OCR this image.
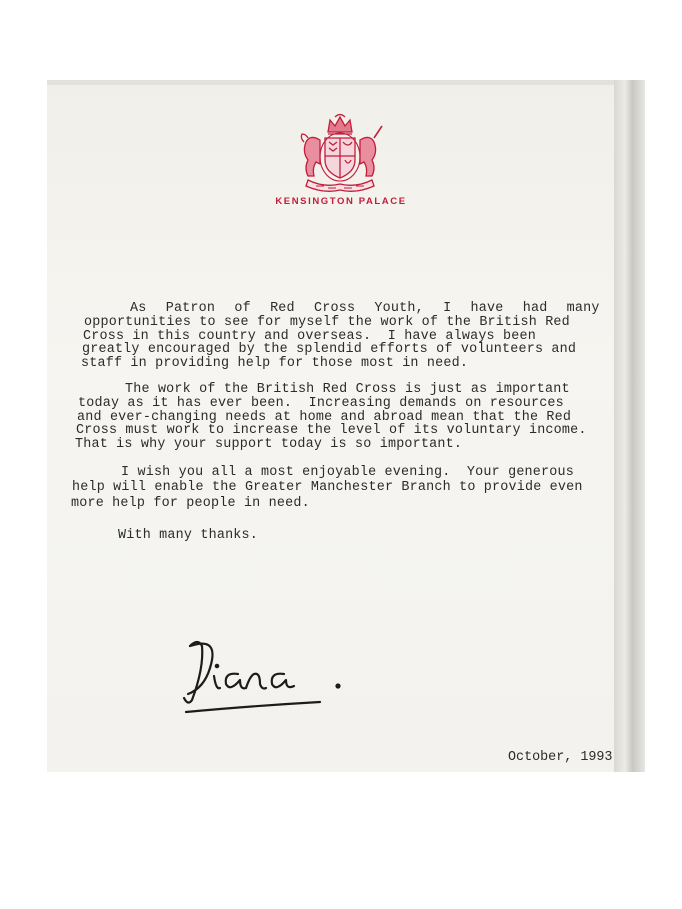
KENSINGTON PALACE
As Patron of Red Cross Youth, I have had many
opportunities to see for myself the work of the British Red
Cross in this country and overseas.  I have always been
greatly encouraged by the splendid efforts of volunteers and
staff in providing help for those most in need.
The work of the British Red Cross is just as important
today as it has ever been.  Increasing demands on resources
and ever-changing needs at home and abroad mean that the Red
Cross must work to increase the level of its voluntary income.
That is why your support today is so important.
I wish you all a most enjoyable evening.  Your generous
help will enable the Greater Manchester Branch to provide even
more help for people in need.
With many thanks.
October, 1993
